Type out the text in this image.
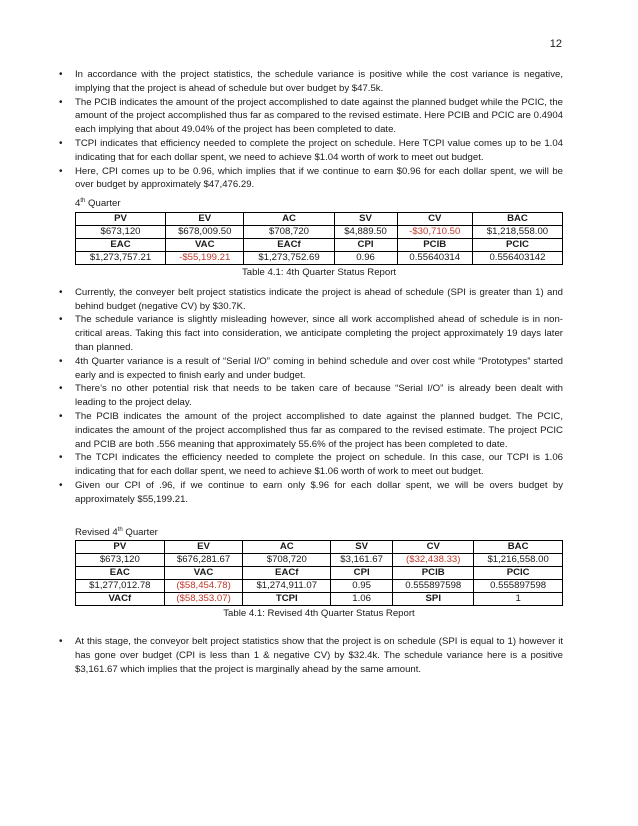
12
• In accordance with the project statistics, the schedule variance is positive while the cost variance is negative, implying that the project is ahead of schedule but over budget by $47.5k.
• The PCIB indicates the amount of the project accomplished to date against the planned budget while the PCIC, the amount of the project accomplished thus far as compared to the revised estimate. Here PCIB and PCIC are 0.4904 each implying that about 49.04% of the project has been completed to date.
• TCPI indicates that efficiency needed to complete the project on schedule. Here TCPI value comes up to be 1.04 indicating that for each dollar spent, we need to achieve $1.04 worth of work to meet out budget.
• Here, CPI comes up to be 0.96, which implies that if we continue to earn $0.96 for each dollar spent, we will be over budget by approximately $47,476.29.
4th Quarter
PV	EV	AC	SV	CV	BAC
$673,120	$678,009.50	$708,720	$4,889.50	-$30,710.50	$1,218,558.00
EAC	VAC	EACf	CPI	PCIB	PCIC
$1,273,757.21	-$55,199.21	$1,273,752.69	0.96	0.55640314	0.556403142
Table 4.1: 4th Quarter Status Report
• Currently, the conveyer belt project statistics indicate the project is ahead of schedule (SPI is greater than 1) and behind budget (negative CV) by $30.7K.
• The schedule variance is slightly misleading however, since all work accomplished ahead of schedule is in non-critical areas. Taking this fact into consideration, we anticipate completing the project approximately 19 days later than planned.
• 4th Quarter variance is a result of “Serial I/O” coming in behind schedule and over cost while “Prototypes” started early and is expected to finish early and under budget.
• There’s no other potential risk that needs to be taken care of because “Serial I/O” is already been dealt with leading to the project delay.
• The PCIB indicates the amount of the project accomplished to date against the planned budget. The PCIC, indicates the amount of the project accomplished thus far as compared to the revised estimate. The project PCIC and PCIB are both .556 meaning that approximately 55.6% of the project has been completed to date.
• The TCPI indicates the efficiency needed to complete the project on schedule. In this case, our TCPI is 1.06 indicating that for each dollar spent, we need to achieve $1.06 worth of work to meet out budget.
• Given our CPI of .96, if we continue to earn only $.96 for each dollar spent, we will be overs budget by approximately $55,199.21.
Revised 4th Quarter
PV	EV	AC	SV	CV	BAC
$673,120	$676,281.67	$708,720	$3,161.67	($32,438.33)	$1,216,558.00
EAC	VAC	EACf	CPI	PCIB	PCIC
$1,277,012.78	($58,454.78)	$1,274,911.07	0.95	0.555897598	0.555897598
VACf	($58,353.07)	TCPI	1.06	SPI	1
Table 4.1: Revised 4th Quarter Status Report
• At this stage, the conveyor belt project statistics show that the project is on schedule (SPI is equal to 1) however it has gone over budget (CPI is less than 1 & negative CV) by $32.4k. The schedule variance here is a positive $3,161.67 which implies that the project is marginally ahead by the same amount.
